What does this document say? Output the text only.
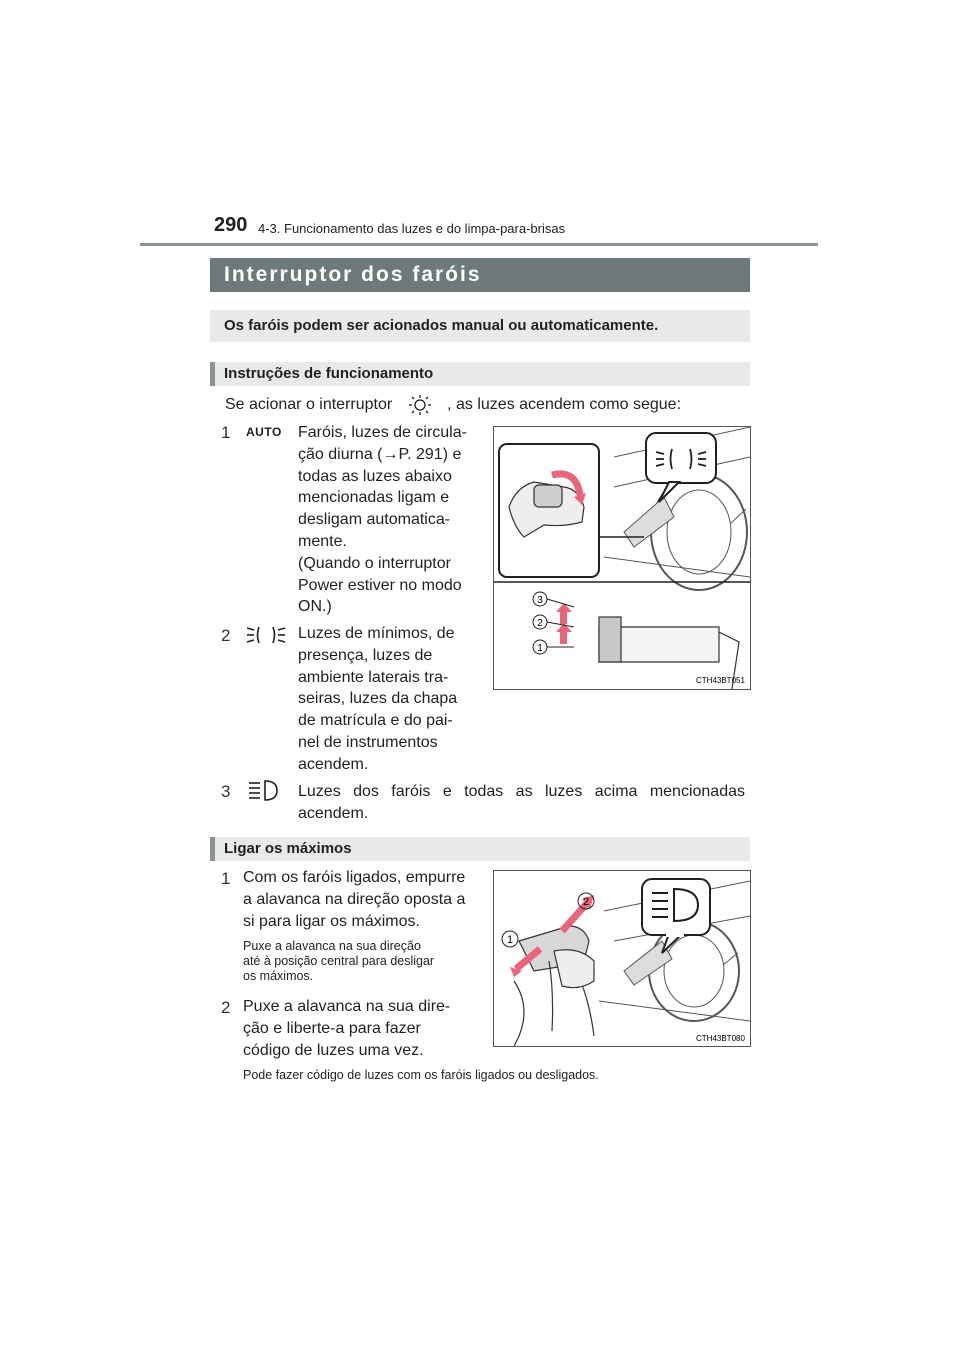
290 4-3. Funcionamento das luzes e do limpa-para-brisas
Interruptor dos faróis
Os faróis podem ser acionados manual ou automaticamente.
Instruções de funcionamento
Se acionar o interruptor	, as luzes acendem como segue:
1 AUTO Faróis, luzes de circula-
ção diurna (→P. 291) e
todas as luzes abaixo
mencionadas ligam e
desligam automatica-
mente.
(Quando o interruptor
Power estiver no modo
ON.)
2	Luzes de mínimos, de
presença, luzes de
ambiente laterais tra-
seiras, luzes da chapa
de matrícula e do pai-
nel de instrumentos
acendem.
3	Luzes dos faróis e todas as luzes acima mencionadas
acendem.
3
2
1
CTH43BT051
Ligar os máximos
1 Com os faróis ligados, empurre
a alavanca na direção oposta a
si para ligar os máximos.
Puxe a alavanca na sua direção
até à posição central para desligar
os máximos.
2 Puxe a alavanca na sua dire-
ção e liberte-a para fazer
código de luzes uma vez.
Pode fazer código de luzes com os faróis ligados ou desligados.
2
1
CTH43BT080
